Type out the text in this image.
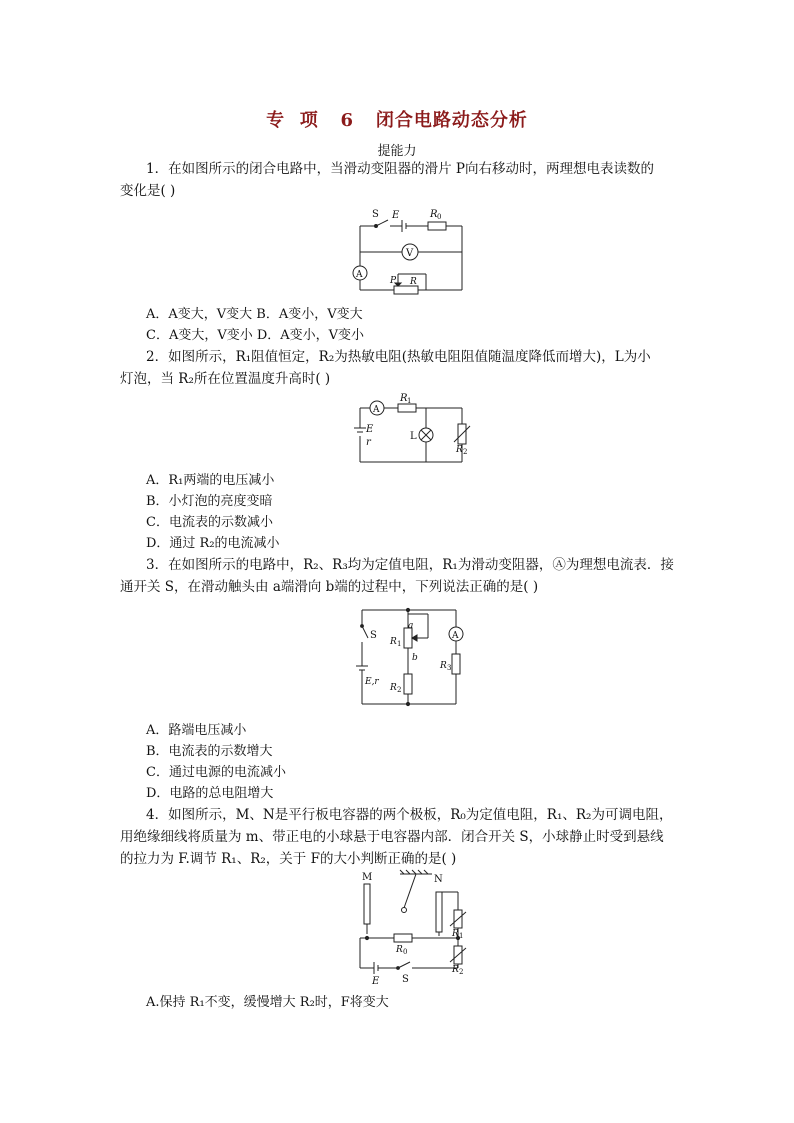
专  项   6   闭合电路动态分析
提能力
1．在如图所示的闭合电路中，当滑动变阻器的滑片 P向右移动时，两理想电表读数的
变化是( )
S E	R 0
V
A
P R
A．A变大，V变大 B．A变小，V变大
C．A变大，V变小 D．A变小，V变小
2．如图所示，R₁阻值恒定，R₂为热敏电阻(热敏电阻阻值随温度降低而增大)，L为小
灯泡，当 R₂所在位置温度升高时( )
A
R 1
E
r
L
R 2
A．R₁两端的电压减小
B．小灯泡的亮度变暗
C．电流表的示数减小
D．通过 R₂的电流减小
3．在如图所示的电路中，R₂、R₃均为定值电阻，R₁为滑动变阻器，Ⓐ为理想电流表．接
通开关 S，在滑动触头由 a端滑向 b端的过程中，下列说法正确的是( )
S
a
b
R 1
A
R 3
E,r
R 2
A．路端电压减小
B．电流表的示数增大
C．通过电源的电流减小
D．电路的总电阻增大
4．如图所示，M、N是平行板电容器的两个极板，R₀为定值电阻，R₁、R₂为可调电阻，
用绝缘细线将质量为 m、带正电的小球悬于电容器内部．闭合开关 S，小球静止时受到悬线
的拉力为 F.调节 R₁、R₂，关于 F的大小判断正确的是( )
M	N
R 0
R 1
R 2
E S
A.保持 R₁不变，缓慢增大 R₂时，F将变大
